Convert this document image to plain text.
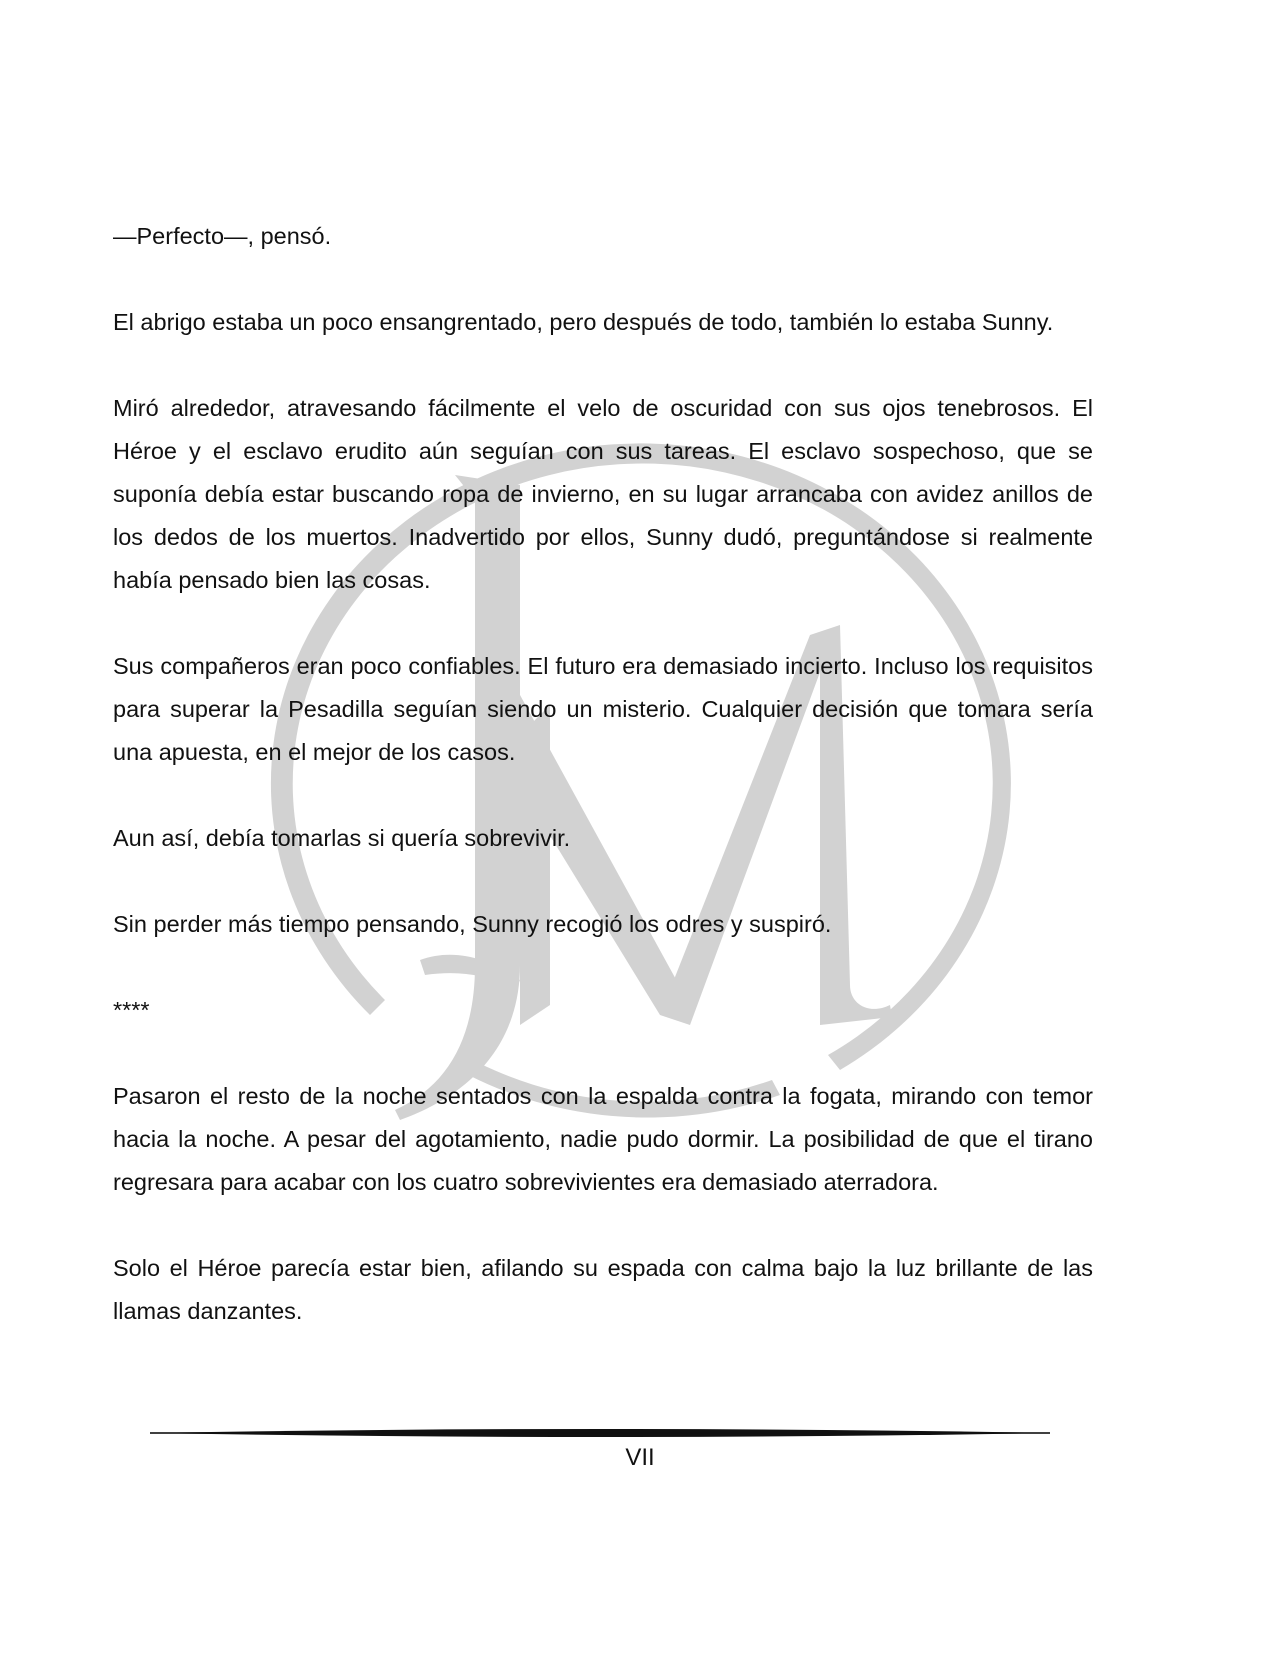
—Perfecto—, pensó.

El abrigo estaba un poco ensangrentado, pero después de todo, también lo estaba Sunny.

Miró alrededor, atravesando fácilmente el velo de oscuridad con sus ojos tenebrosos. El Héroe y el esclavo erudito aún seguían con sus tareas. El esclavo sospechoso, que se suponía debía estar buscando ropa de invierno, en su lugar arrancaba con avidez anillos de los dedos de los muertos. Inadvertido por ellos, Sunny dudó, preguntándose si realmente había pensado bien las cosas.

Sus compañeros eran poco confiables. El futuro era demasiado incierto. Incluso los requisitos para superar la Pesadilla seguían siendo un misterio. Cualquier decisión que tomara sería una apuesta, en el mejor de los casos.

Aun así, debía tomarlas si quería sobrevivir.

Sin perder más tiempo pensando, Sunny recogió los odres y suspiró.

****

Pasaron el resto de la noche sentados con la espalda contra la fogata, mirando con temor hacia la noche. A pesar del agotamiento, nadie pudo dormir. La posibilidad de que el tirano regresara para acabar con los cuatro sobrevivientes era demasiado aterradora.

Solo el Héroe parecía estar bien, afilando su espada con calma bajo la luz brillante de las llamas danzantes.

VII
